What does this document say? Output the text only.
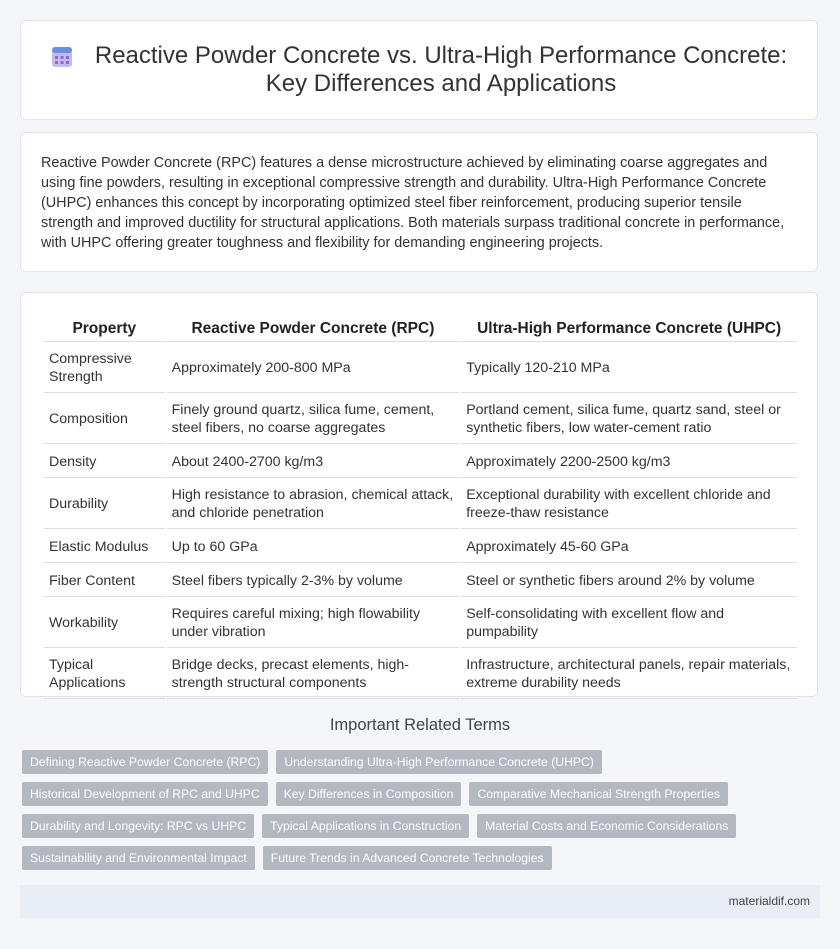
Reactive Powder Concrete vs. Ultra-High Performance Concrete:
Key Differences and Applications

Reactive Powder Concrete (RPC) features a dense microstructure achieved by eliminating coarse aggregates and using fine powders, resulting in exceptional compressive strength and durability. Ultra-High Performance Concrete (UHPC) enhances this concept by incorporating optimized steel fiber reinforcement, producing superior tensile strength and improved ductility for structural applications. Both materials surpass traditional concrete in performance, with UHPC offering greater toughness and flexibility for demanding engineering projects.

Property	Reactive Powder Concrete (RPC)	Ultra-High Performance Concrete (UHPC)
Compressive Strength	Approximately 200-800 MPa	Typically 120-210 MPa
Composition	Finely ground quartz, silica fume, cement, steel fibers, no coarse aggregates	Portland cement, silica fume, quartz sand, steel or synthetic fibers, low water-cement ratio
Density	About 2400-2700 kg/m3	Approximately 2200-2500 kg/m3
Durability	High resistance to abrasion, chemical attack, and chloride penetration	Exceptional durability with excellent chloride and freeze-thaw resistance
Elastic Modulus	Up to 60 GPa	Approximately 45-60 GPa
Fiber Content	Steel fibers typically 2-3% by volume	Steel or synthetic fibers around 2% by volume
Workability	Requires careful mixing; high flowability under vibration	Self-consolidating with excellent flow and pumpability
Typical Applications	Bridge decks, precast elements, high-strength structural components	Infrastructure, architectural panels, repair materials, extreme durability needs
Important Related Terms
Defining Reactive Powder Concrete (RPC)	Understanding Ultra-High Performance Concrete (UHPC)
Historical Development of RPC and UHPC	Key Differences in Composition	Comparative Mechanical Strength Properties
Durability and Longevity: RPC vs UHPC	Typical Applications in Construction	Material Costs and Economic Considerations
Sustainability and Environmental Impact	Future Trends in Advanced Concrete Technologies
materialdif.com
